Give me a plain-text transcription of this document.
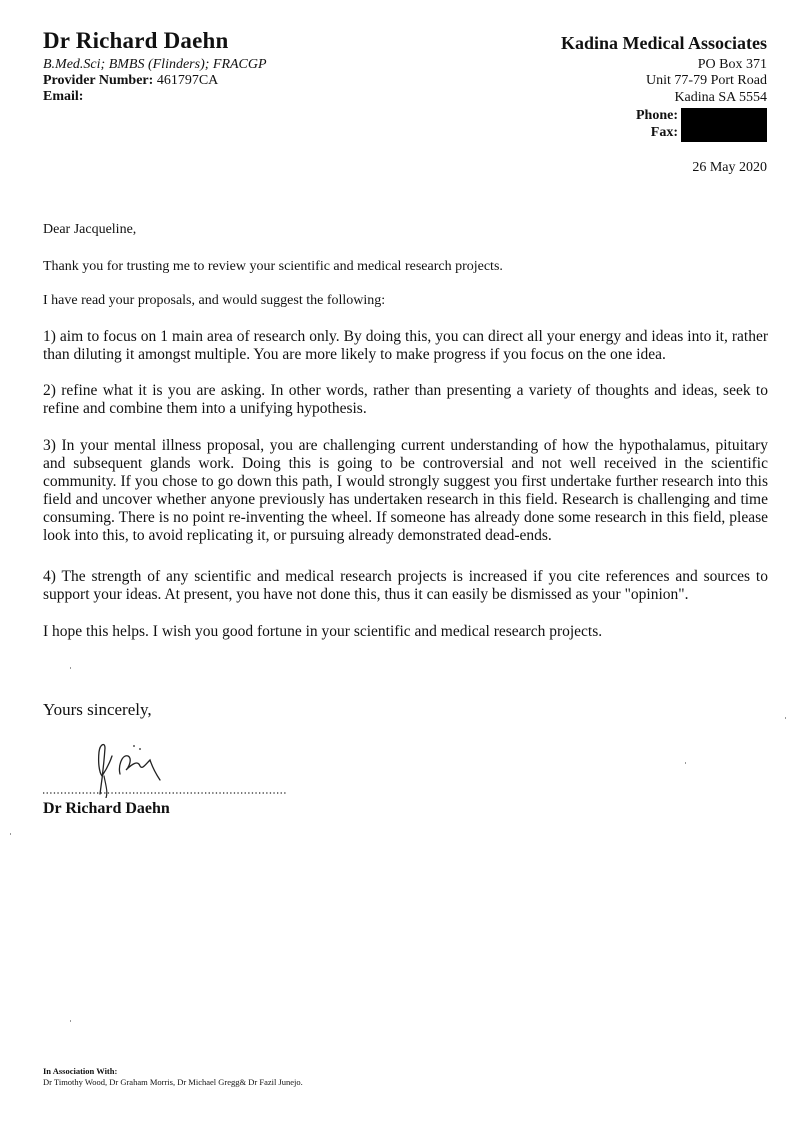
Dr Richard Daehn
B.Med.Sci; BMBS (Flinders); FRACGP
Provider Number: 461797CA
Email:
Kadina Medical Associates
PO Box 371
Unit 77-79 Port Road
Kadina SA 5554
Phone:
Fax:
26 May 2020
Dear Jacqueline,
Thank you for trusting me to review your scientific and medical research projects.
I have read your proposals, and would suggest the following:
1) aim to focus on 1 main area of research only. By doing this, you can direct all your energy and ideas into it, rather than diluting it amongst multiple. You are more likely to make progress if you focus on the one idea.
2) refine what it is you are asking. In other words, rather than presenting a variety of thoughts and ideas, seek to refine and combine them into a unifying hypothesis.
3) In your mental illness proposal, you are challenging current understanding of how the hypothalamus, pituitary and subsequent glands work. Doing this is going to be controversial and not well received in the scientific community. If you chose to go down this path, I would strongly suggest you first undertake further research into this field and uncover whether anyone previously has undertaken research in this field. Research is challenging and time consuming. There is no point re-inventing the wheel. If someone has already done some research in this field, please look into this, to avoid replicating it, or pursuing already demonstrated dead-ends.
4) The strength of any scientific and medical research projects is increased if you cite references and sources to support your ideas. At present, you have not done this, thus it can easily be dismissed as your "opinion".
I hope this helps. I wish you good fortune in your scientific and medical research projects.
Yours sincerely,
Dr Richard Daehn
In Association With:
Dr Timothy Wood, Dr Graham Morris, Dr Michael Gregg& Dr Fazil Junejo.
